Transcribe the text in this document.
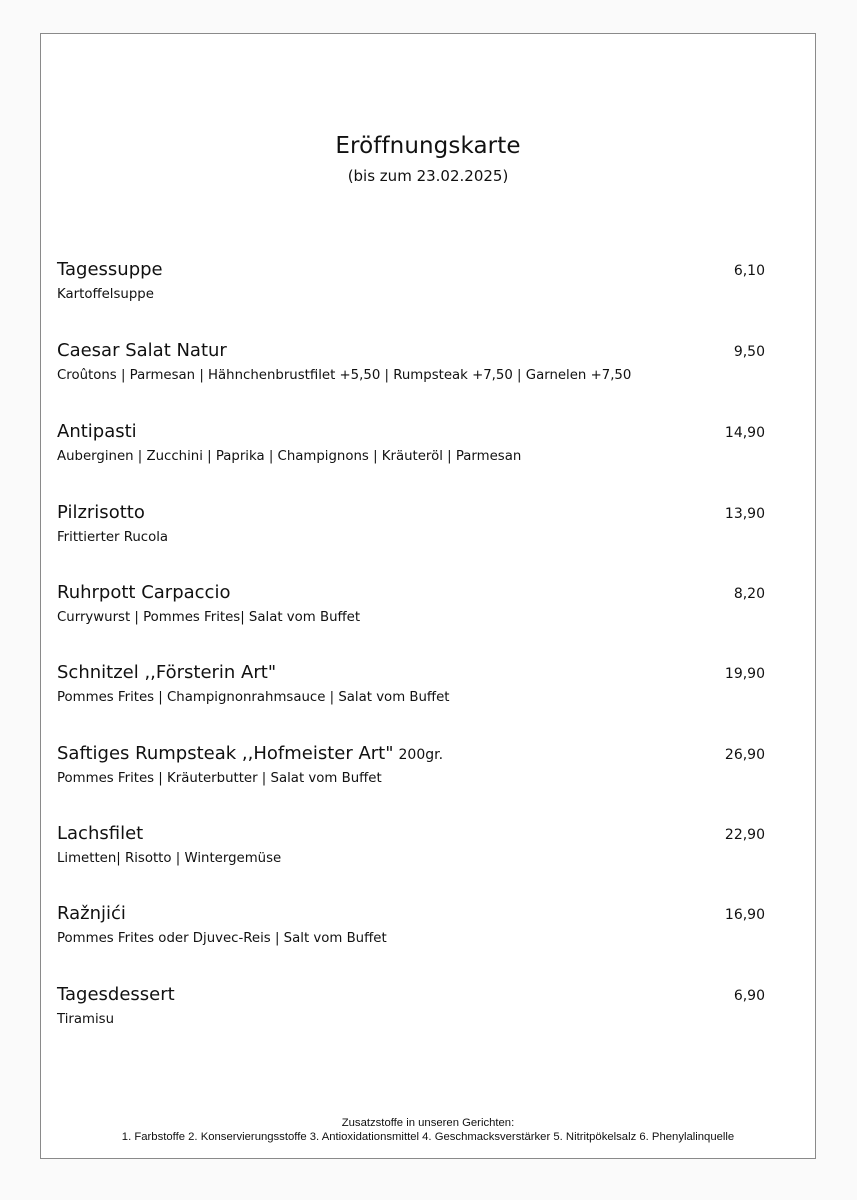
Eröffnungskarte
(bis zum 23.02.2025)
Tagessuppe
Kartoffelsuppe
6,10
Caesar Salat Natur
Croûtons | Parmesan | Hähnchenbrustfilet +5,50 | Rumpsteak +7,50 | Garnelen +7,50
9,50
Antipasti
Auberginen | Zucchini | Paprika | Champignons | Kräuteröl | Parmesan
14,90
Pilzrisotto
Frittierter Rucola
13,90
Ruhrpott Carpaccio
Currywurst | Pommes Frites| Salat vom Buffet
8,20
Schnitzel ,,Försterin Art"
Pommes Frites | Champignonrahmsauce | Salat vom Buffet
19,90
Saftiges Rumpsteak ,,Hofmeister Art" 200gr.
Pommes Frites | Kräuterbutter | Salat vom Buffet
26,90
Lachsfilet
Limetten| Risotto | Wintergemüse
22,90
Ražnjići
Pommes Frites oder Djuvec-Reis | Salt vom Buffet
16,90
Tagesdessert
Tiramisu
6,90
Zusatzstoffe in unseren Gerichten:
1. Farbstoffe 2. Konservierungsstoffe 3. Antioxidationsmittel 4. Geschmacksverstärker 5. Nitritpökelsalz 6. Phenylalinquelle
